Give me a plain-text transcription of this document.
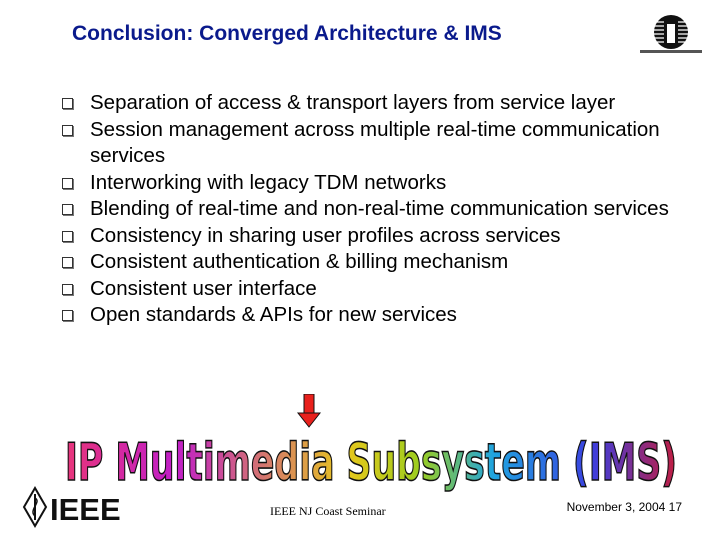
Conclusion: Converged Architecture & IMS
Separation of access & transport layers from service layer
Session management across multiple real-time communication services
Interworking with legacy TDM networks
Blending of real-time and non-real-time communication services
Consistency in sharing user profiles across services
Consistent authentication & billing mechanism
Consistent user interface
Open standards & APIs for new services
IP Multimedia Subsystem (IMS)
IEEE	IEEE NJ Coast Seminar	November 3, 2004 17
